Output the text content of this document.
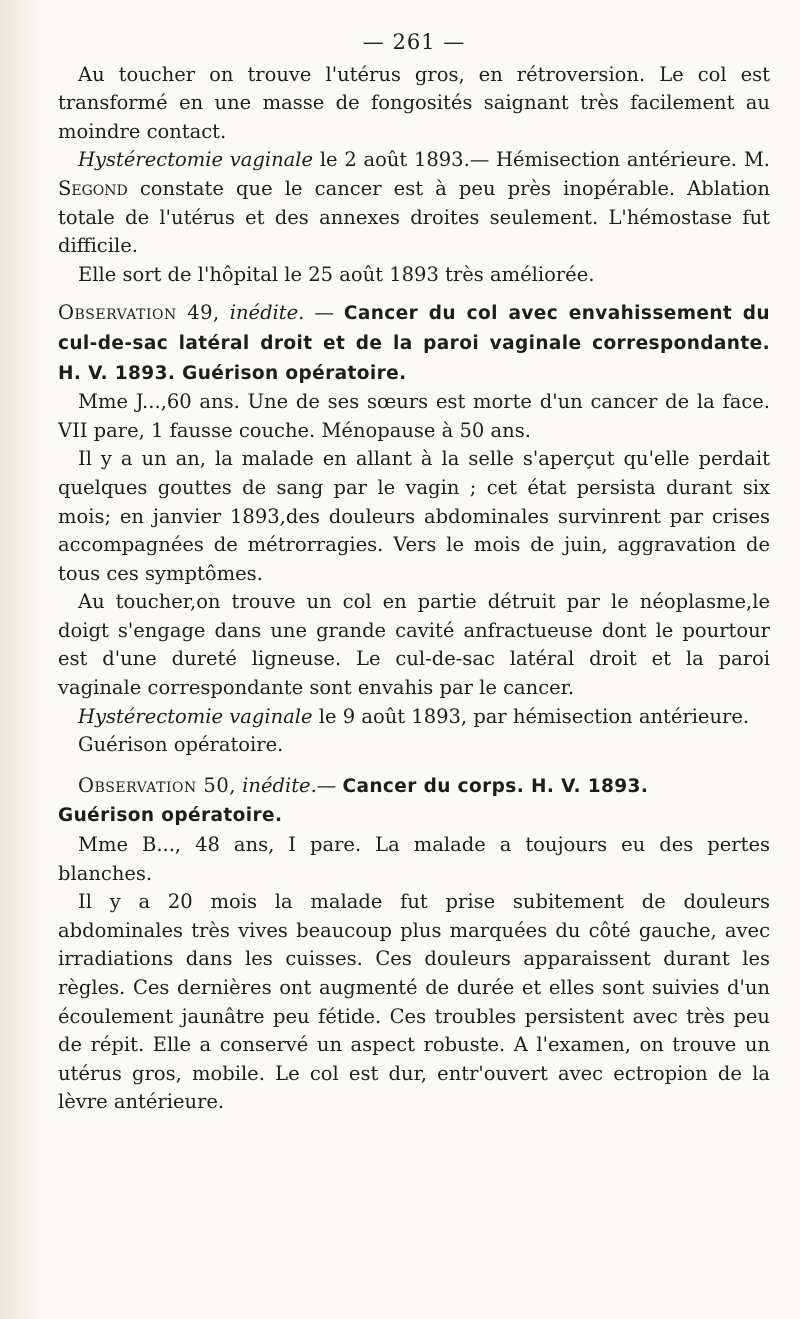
— 261 —

Au toucher on trouve l'utérus gros, en rétroversion. Le col est transformé en une masse de fongosités saignant très facilement au moindre contact.

Hystérectomie vaginale le 2 août 1893.— Hémisection antérieure. M. Segond constate que le cancer est à peu près inopérable. Ablation totale de l'utérus et des annexes droites seulement. L'hémostase fut difficile.

Elle sort de l'hôpital le 25 août 1893 très améliorée.

Observation 49, inédite. — Cancer du col avec envahissement du cul-de-sac latéral droit et de la paroi vaginale correspondante. H. V. 1893. Guérison opératoire.

Mme J...,60 ans. Une de ses sœurs est morte d'un cancer de la face. VII pare, 1 fausse couche. Ménopause à 50 ans.

Il y a un an, la malade en allant à la selle s'aperçut qu'elle perdait quelques gouttes de sang par le vagin ; cet état persista durant six mois; en janvier 1893,des douleurs abdominales survinrent par crises accompagnées de métrorragies. Vers le mois de juin, aggravation de tous ces symptômes.

Au toucher,on trouve un col en partie détruit par le néoplasme,le doigt s'engage dans une grande cavité anfractueuse dont le pourtour est d'une dureté ligneuse. Le cul-de-sac latéral droit et la paroi vaginale correspondante sont envahis par le cancer.

Hystérectomie vaginale le 9 août 1893, par hémisection antérieure.

Guérison opératoire.

Observation 50, inédite.— Cancer du corps. H. V. 1893.

Guérison opératoire.

Mme B..., 48 ans, I pare. La malade a toujours eu des pertes blanches.

Il y a 20 mois la malade fut prise subitement de douleurs abdominales très vives beaucoup plus marquées du côté gauche, avec irradiations dans les cuisses. Ces douleurs apparaissent durant les règles. Ces dernières ont augmenté de durée et elles sont suivies d'un écoulement jaunâtre peu fétide. Ces troubles persistent avec très peu de répit. Elle a conservé un aspect robuste. A l'examen, on trouve un utérus gros, mobile. Le col est dur, entr'ouvert avec ectropion de la lèvre antérieure.
